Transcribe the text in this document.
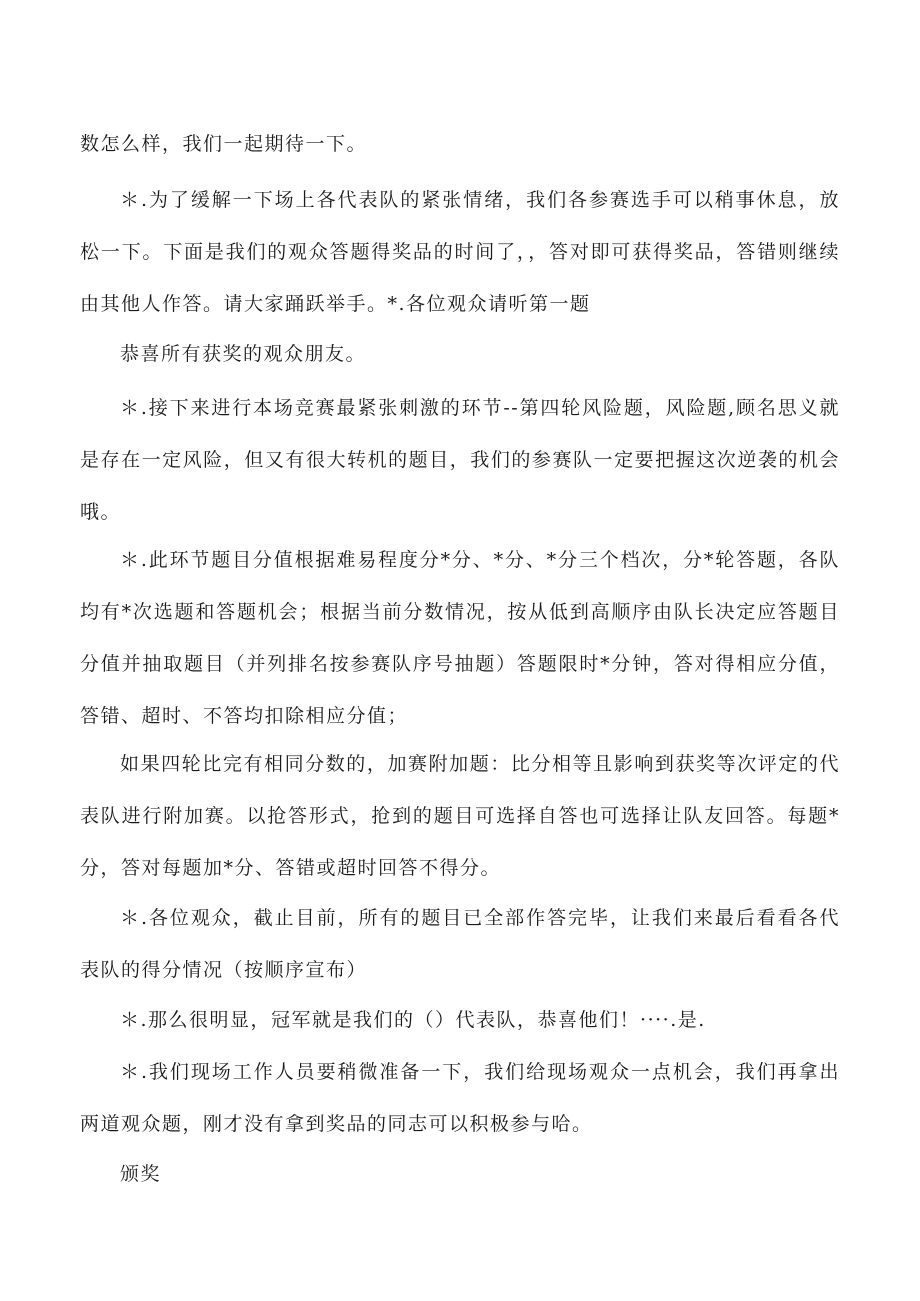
数怎么样，我们一起期待一下。

＊.为了缓解一下场上各代表队的紧张情绪，我们各参赛选手可以稍事休息，放松一下。下面是我们的观众答题得奖品的时间了，，答对即可获得奖品，答错则继续由其他人作答。请大家踊跃举手。*.各位观众请听第一题

恭喜所有获奖的观众朋友。

＊.接下来进行本场竞赛最紧张刺激的环节--第四轮风险题，风险题,顾名思义就是存在一定风险，但又有很大转机的题目，我们的参赛队一定要把握这次逆袭的机会哦。

＊.此环节题目分值根据难易程度分*分、*分、*分三个档次，分*轮答题，各队均有*次选题和答题机会；根据当前分数情况，按从低到高顺序由队长决定应答题目分值并抽取题目（并列排名按参赛队序号抽题）答题限时*分钟，答对得相应分值，答错、超时、不答均扣除相应分值；

如果四轮比完有相同分数的，加赛附加题：比分相等且影响到获奖等次评定的代表队进行附加赛。以抢答形式，抢到的题目可选择自答也可选择让队友回答。每题*分，答对每题加*分、答错或超时回答不得分。

＊.各位观众，截止目前，所有的题目已全部作答完毕，让我们来最后看看各代表队的得分情况（按顺序宣布）

＊.那么很明显，冠军就是我们的（）代表队，恭喜他们！····.是.

＊.我们现场工作人员要稍微准备一下，我们给现场观众一点机会，我们再拿出两道观众题，刚才没有拿到奖品的同志可以积极参与哈。

颁奖
